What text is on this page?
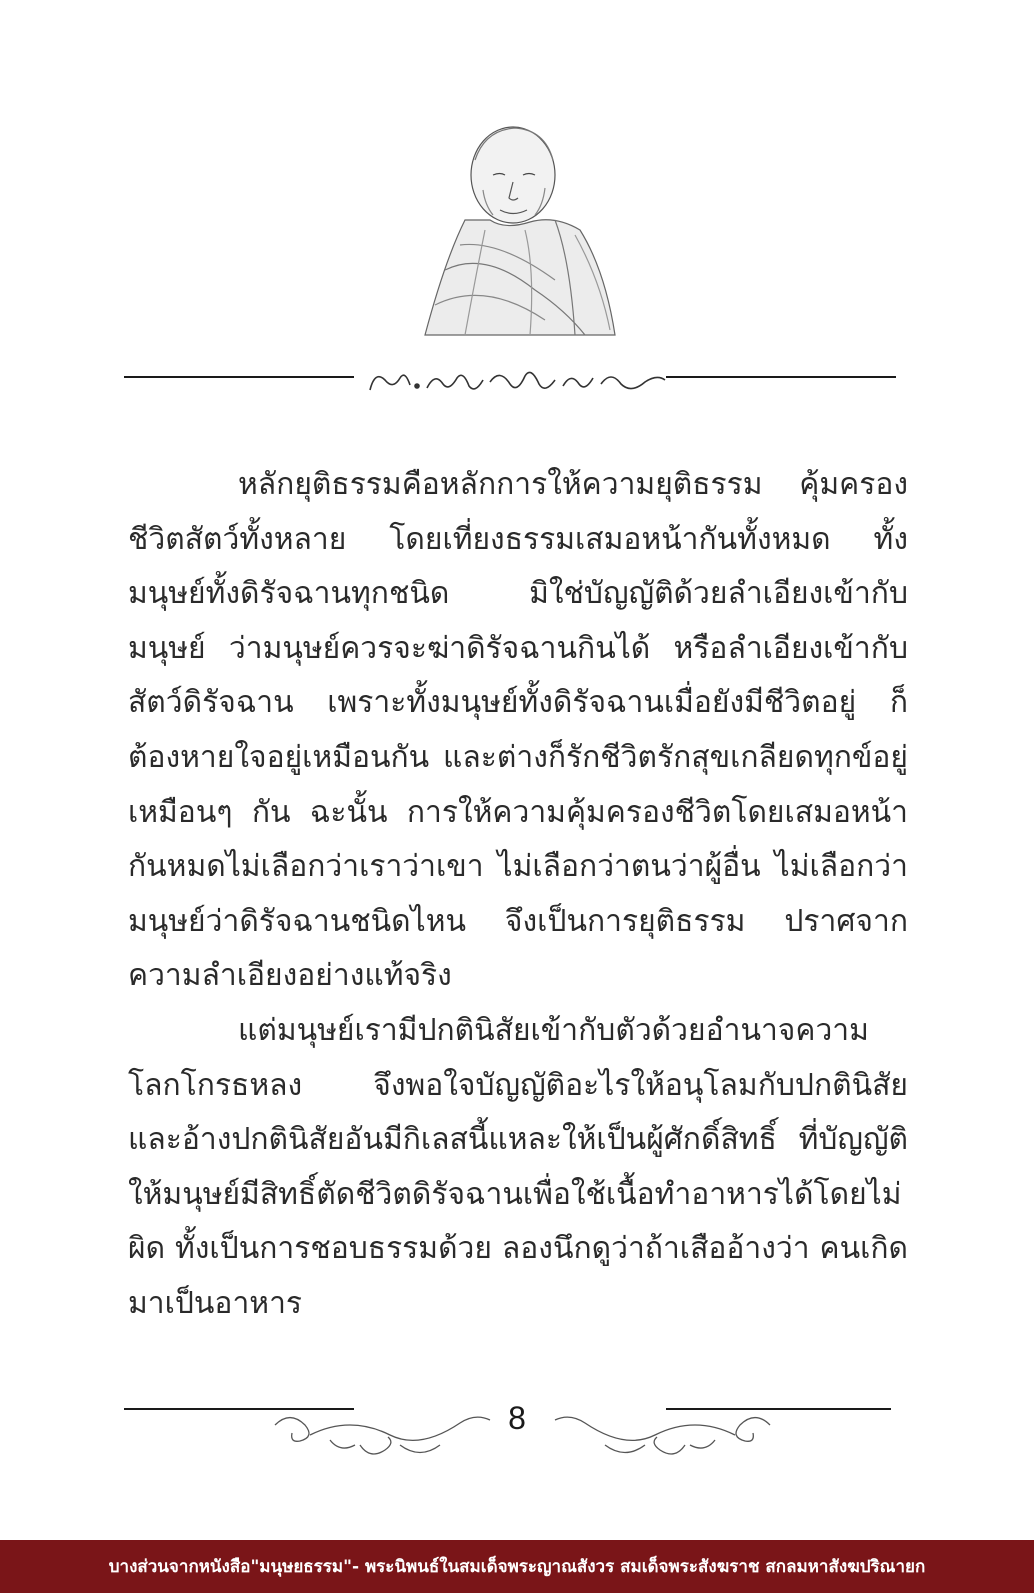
หลักยุติธรรมคือหลักการให้ความยุติธรรม คุ้มครองชีวิตสัตว์ทั้งหลาย โดยเที่ยงธรรมเสมอหน้ากันทั้งหมด ทั้งมนุษย์ทั้งดิรัจฉานทุกชนิด มิใช่บัญญัติด้วยลำเอียงเข้ากับมนุษย์ ว่ามนุษย์ควรจะฆ่าดิรัจฉานกินได้ หรือลำเอียงเข้ากับสัตว์ดิรัจฉาน เพราะทั้งมนุษย์ทั้งดิรัจฉานเมื่อยังมีชีวิตอยู่ ก็ต้องหายใจอยู่เหมือนกัน และต่างก็รักชีวิตรักสุขเกลียดทุกข์อยู่เหมือนๆ กัน ฉะนั้น การให้ความคุ้มครองชีวิตโดยเสมอหน้ากันหมดไม่เลือกว่าเราว่าเขา ไม่เลือกว่าตนว่าผู้อื่น ไม่เลือกว่ามนุษย์ว่าดิรัจฉานชนิดไหน จึงเป็นการยุติธรรม ปราศจากความลำเอียงอย่างแท้จริง

แต่มนุษย์เรามีปกตินิสัยเข้ากับตัวด้วยอำนาจความโลกโกรธหลง จึงพอใจบัญญัติอะไรให้อนุโลมกับปกตินิสัย และอ้างปกตินิสัยอันมีกิเลสนี้แหละให้เป็นผู้ศักดิ์สิทธิ์ ที่บัญญัติให้มนุษย์มีสิทธิ์ตัดชีวิตดิรัจฉานเพื่อใช้เนื้อทำอาหารได้โดยไม่ผิด ทั้งเป็นการชอบธรรมด้วย ลองนึกดูว่าถ้าเสืออ้างว่า คนเกิดมาเป็นอาหาร

8
บางส่วนจากหนังสือ"มนุษยธรรม"- พระนิพนธ์ในสมเด็จพระญาณสังวร สมเด็จพระสังฆราช สกลมหาสังฆปริณายก
